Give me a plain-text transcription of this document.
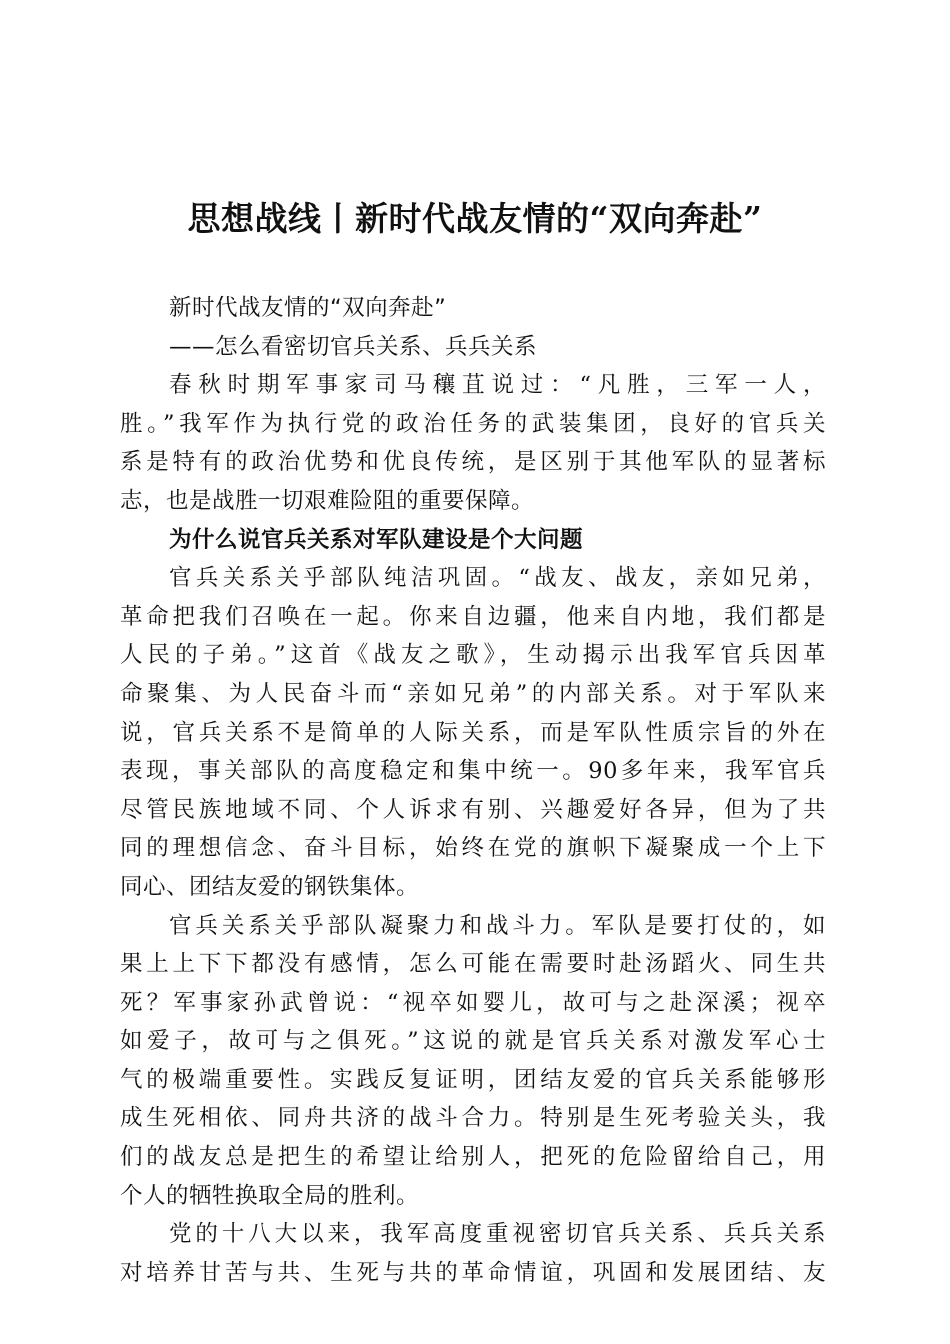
思想战线丨新时代战友情的“双向奔赴”
新时代战友情的“双向奔赴”
——怎么看密切官兵关系、兵兵关系
春秋时期军事家司马穰苴说过：“凡胜，三军一人，
胜。”我军作为执行党的政治任务的武装集团，良好的官兵关
系是特有的政治优势和优良传统，是区别于其他军队的显著标
志，也是战胜一切艰难险阻的重要保障。
为什么说官兵关系对军队建设是个大问题
官兵关系关乎部队纯洁巩固。“战友、战友，亲如兄弟，
革命把我们召唤在一起。你来自边疆，他来自内地，我们都是
人民的子弟。”这首《战友之歌》，生动揭示出我军官兵因革
命聚集、为人民奋斗而“亲如兄弟”的内部关系。对于军队来
说，官兵关系不是简单的人际关系，而是军队性质宗旨的外在
表现，事关部队的高度稳定和集中统一。90多年来，我军官兵
尽管民族地域不同、个人诉求有别、兴趣爱好各异，但为了共
同的理想信念、奋斗目标，始终在党的旗帜下凝聚成一个上下
同心、团结友爱的钢铁集体。
官兵关系关乎部队凝聚力和战斗力。军队是要打仗的，如
果上上下下都没有感情，怎么可能在需要时赴汤蹈火、同生共
死？军事家孙武曾说：“视卒如婴儿，故可与之赴深溪；视卒
如爱子，故可与之俱死。”这说的就是官兵关系对激发军心士
气的极端重要性。实践反复证明，团结友爱的官兵关系能够形
成生死相依、同舟共济的战斗合力。特别是生死考验关头，我
们的战友总是把生的希望让给别人，把死的危险留给自己，用
个人的牺牲换取全局的胜利。
党的十八大以来，我军高度重视密切官兵关系、兵兵关系
对培养甘苦与共、生死与共的革命情谊，巩固和发展团结、友
